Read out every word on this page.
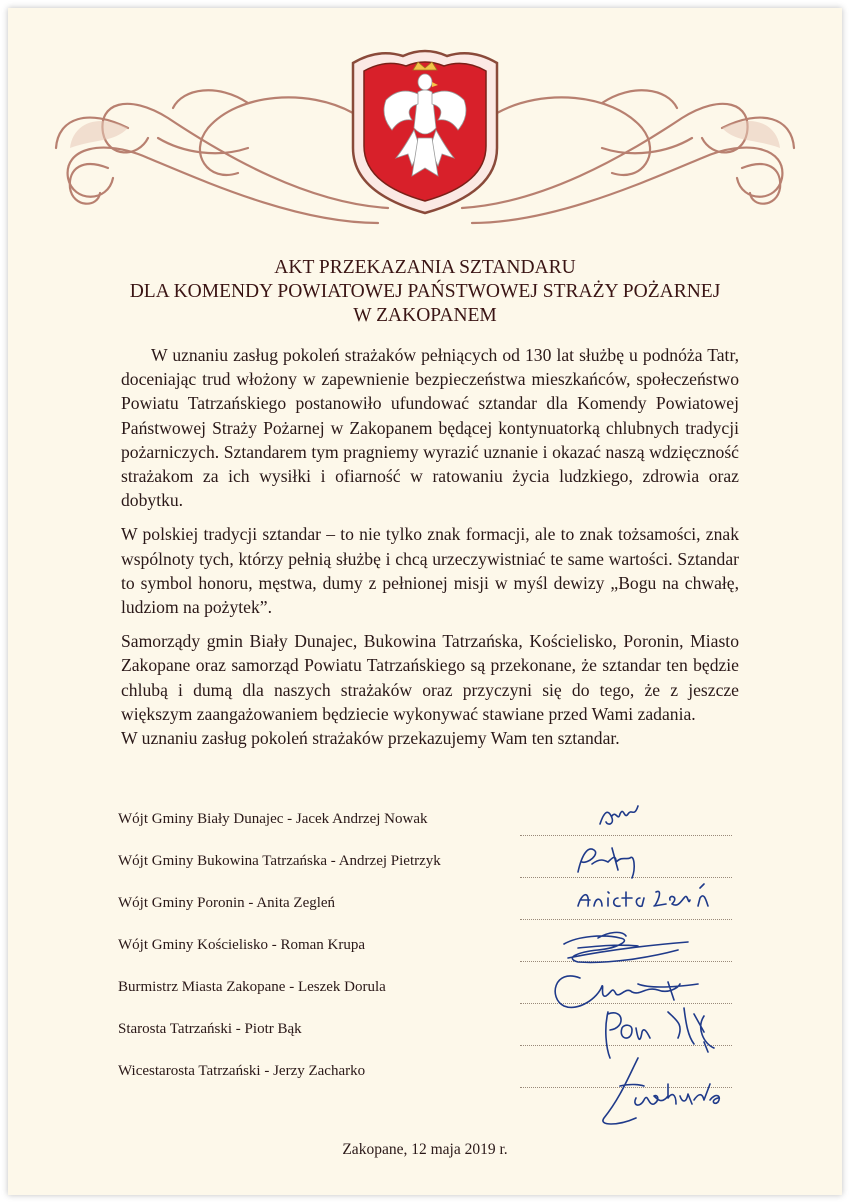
AKT PRZEKAZANIA SZTANDARU
DLA KOMENDY POWIATOWEJ PAŃSTWOWEJ STRAŻY POŻARNEJ
W ZAKOPANEM

W uznaniu zasług pokoleń strażaków pełniących od 130 lat służbę u podnóża Tatr, doceniając trud włożony w zapewnienie bezpieczeństwa mieszkańców, społeczeństwo Powiatu Tatrzańskiego postanowiło ufundować sztandar dla Komendy Powiatowej Państwowej Straży Pożarnej w Zakopanem będącej kontynuatorką chlubnych tradycji pożarniczych. Sztandarem tym pragniemy wyrazić uznanie i okazać naszą wdzięczność strażakom za ich wysiłki i ofiarność w ratowaniu życia ludzkiego, zdrowia oraz dobytku.

W polskiej tradycji sztandar – to nie tylko znak formacji, ale to znak tożsamości, znak wspólnoty tych, którzy pełnią służbę i chcą urzeczywistniać te same wartości. Sztandar to symbol honoru, męstwa, dumy z pełnionej misji w myśl dewizy „Bogu na chwałę, ludziom na pożytek”.

Samorządy gmin Biały Dunajec, Bukowina Tatrzańska, Kościelisko, Poronin, Miasto Zakopane oraz samorząd Powiatu Tatrzańskiego są przekonane, że sztandar ten będzie chlubą i dumą dla naszych strażaków oraz przyczyni się do tego, że z jeszcze większym zaangażowaniem będziecie wykonywać stawiane przed Wami zadania.

W uznaniu zasług pokoleń strażaków przekazujemy Wam ten sztandar.

Wójt Gminy Biały Dunajec - Jacek Andrzej Nowak
Wójt Gminy Bukowina Tatrzańska - Andrzej Pietrzyk
Wójt Gminy Poronin - Anita Zegleń
Wójt Gminy Kościelisko - Roman Krupa
Burmistrz Miasta Zakopane - Leszek Dorula
Starosta Tatrzański - Piotr Bąk
Wicestarosta Tatrzański - Jerzy Zacharko
Zakopane, 12 maja 2019 r.
